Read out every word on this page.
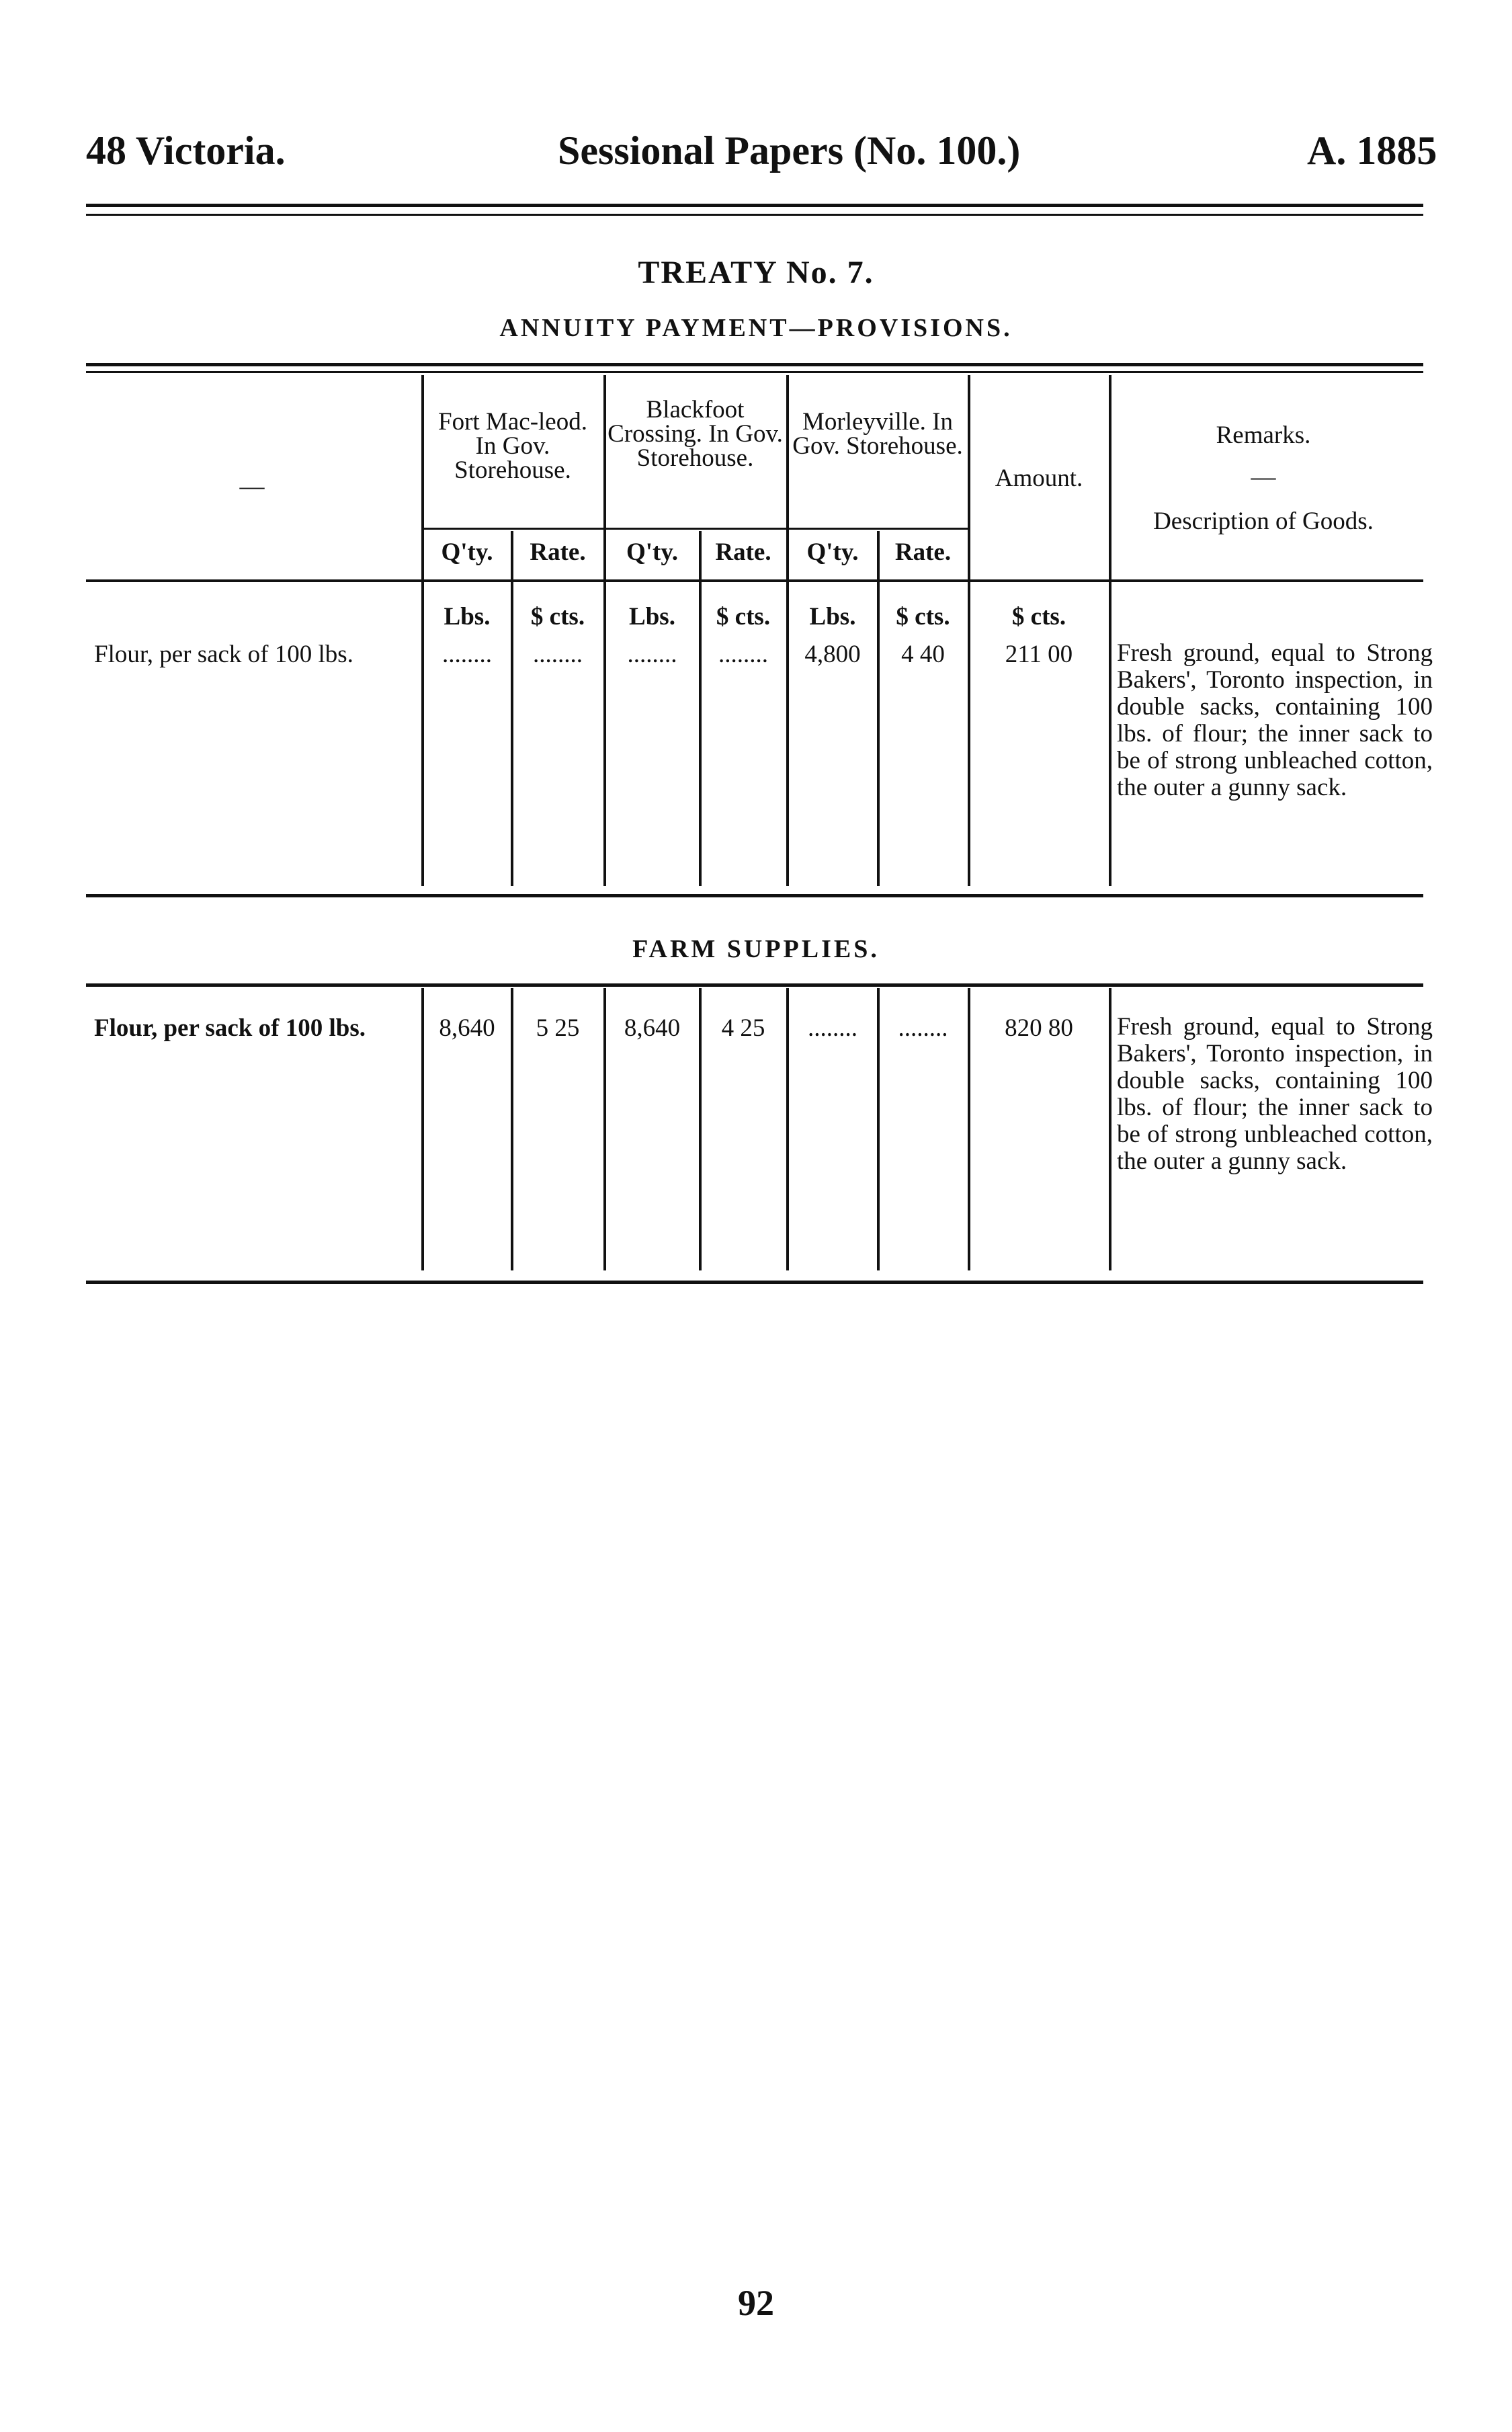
48 Victoria.	Sessional Papers (No. 100.)	A. 1885
TREATY No. 7.
ANNUITY PAYMENT—PROVISIONS.
—
Fort Mac-leod. In Gov. Storehouse.
Blackfoot Crossing. In Gov. Storehouse.
Morleyville. In Gov. Storehouse.
Amount.
Remarks.
—
Description of Goods.
Q'ty.	Rate.	Q'ty.	Rate.	Q'ty.	Rate.
Lbs.	$ cts.	Lbs.	$ cts.	Lbs.	$ cts.	$ cts.
Flour, per sack of 100 lbs.	........	........	........	........	4,800	4 40	211 00	Fresh ground, equal to Strong Bakers', Toronto inspection, in double sacks, containing 100 lbs. of flour; the inner sack to be of strong unbleached cotton, the outer a gunny sack.
FARM SUPPLIES.
Flour, per sack of 100 lbs.	8,640	5 25	8,640	4 25	........	........	820 80	Fresh ground, equal to Strong Bakers', Toronto inspection, in double sacks, containing 100 lbs. of flour; the inner sack to be of strong unbleached cotton, the outer a gunny sack.
92
